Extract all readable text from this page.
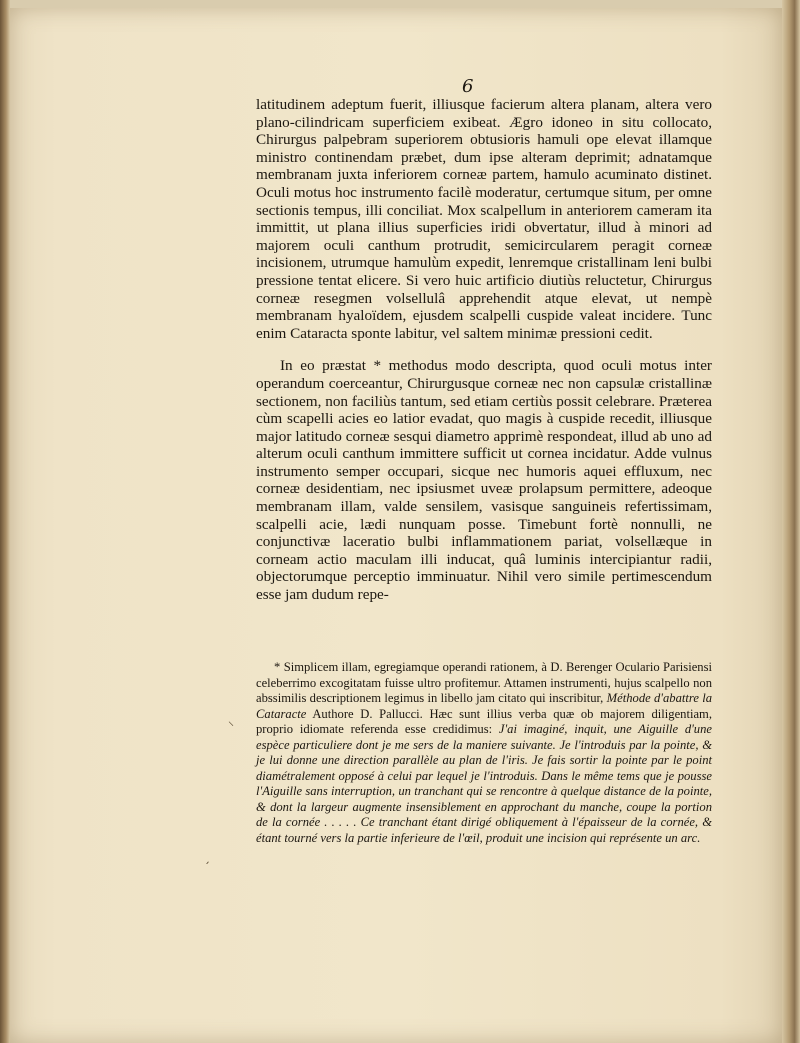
6

latitudinem adeptum fuerit, illiusque facierum altera planam, altera vero plano-cilindricam superficiem exibeat. Ægro idoneo in situ collocato, Chirurgus palpebram superiorem obtusioris hamuli ope elevat illamque ministro continendam præbet, dum ipse alteram deprimit; adnatamque membranam juxta inferiorem corneæ partem, hamulo acuminato distinet. Oculi motus hoc instrumento facilè moderatur, certumque situm, per omne sectionis tempus, illi conciliat. Mox scalpellum in anteriorem cameram ita immittit, ut plana illius superficies iridi obvertatur, illud à minori ad majorem oculi canthum protrudit, semicircularem peragit corneæ incisionem, utrumque hamulùm expedit, lenremque cristallinam leni bulbi pressione tentat elicere. Si vero huic artificio diutiùs reluctetur, Chirurgus corneæ resegmen volsellulâ apprehendit atque elevat, ut nempè membranam hyaloïdem, ejusdem scalpelli cuspide valeat incidere. Tunc enim Cataracta sponte labitur, vel saltem minimæ pressioni cedit.

In eo præstat * methodus modo descripta, quod oculi motus inter operandum coerceantur, Chirurgusque corneæ nec non capsulæ cristallinæ sectionem, non faciliùs tantum, sed etiam certiùs possit celebrare. Præterea cùm scapelli acies eo latior evadat, quo magis à cuspide recedit, illiusque major latitudo corneæ sesqui diametro apprimè respondeat, illud ab uno ad alterum oculi canthum immittere sufficit ut cornea incidatur. Adde vulnus instrumento semper occupari, sicque nec humoris aquei effluxum, nec corneæ desidentiam, nec ipsiusmet uveæ prolapsum permittere, adeoque membranam illam, valde sensilem, vasisque sanguineis refertissimam, scalpelli acie, lædi nunquam posse. Timebunt fortè nonnulli, ne conjunctivæ laceratio bulbi inflammationem pariat, volsellæque in corneam actio maculam illi inducat, quâ luminis intercipiantur radii, objectorumque perceptio imminuatur. Nihil vero simile pertimescendum esse jam dudum repe-

* Simplicem illam, egregiamque operandi rationem, à D. Berenger Oculario Parisiensi celeberrimo excogitatam fuisse ultro profitemur. Attamen instrumenti, hujus scalpello non abssimilis descriptionem legimus in libello jam citato qui inscribitur, Méthode d'abattre la Cataracte Authore D. Pallucci. Hæc sunt illius verba quæ ob majorem diligentiam, proprio idiomate referenda esse credidimus: J'ai imaginé, inquit, une Aiguille d'une espèce particuliere dont je me sers de la maniere suivante. Je l'introduis par la pointe, & je lui donne une direction parallèle au plan de l'iris. Je fais sortir la pointe par le point diamétralement opposé à celui par lequel je l'introduis. Dans le même tems que je pousse l'Aiguille sans interruption, un tranchant qui se rencontre à quelque distance de la pointe, & dont la largeur augmente insensiblement en approchant du manche, coupe la portion de la cornée . . . . . Ce tranchant étant dirigé obliquement à l'épaisseur de la cornée, & étant tourné vers la partie inferieure de l'œil, produit une incision qui représente un arc.

⸜
ˏ
